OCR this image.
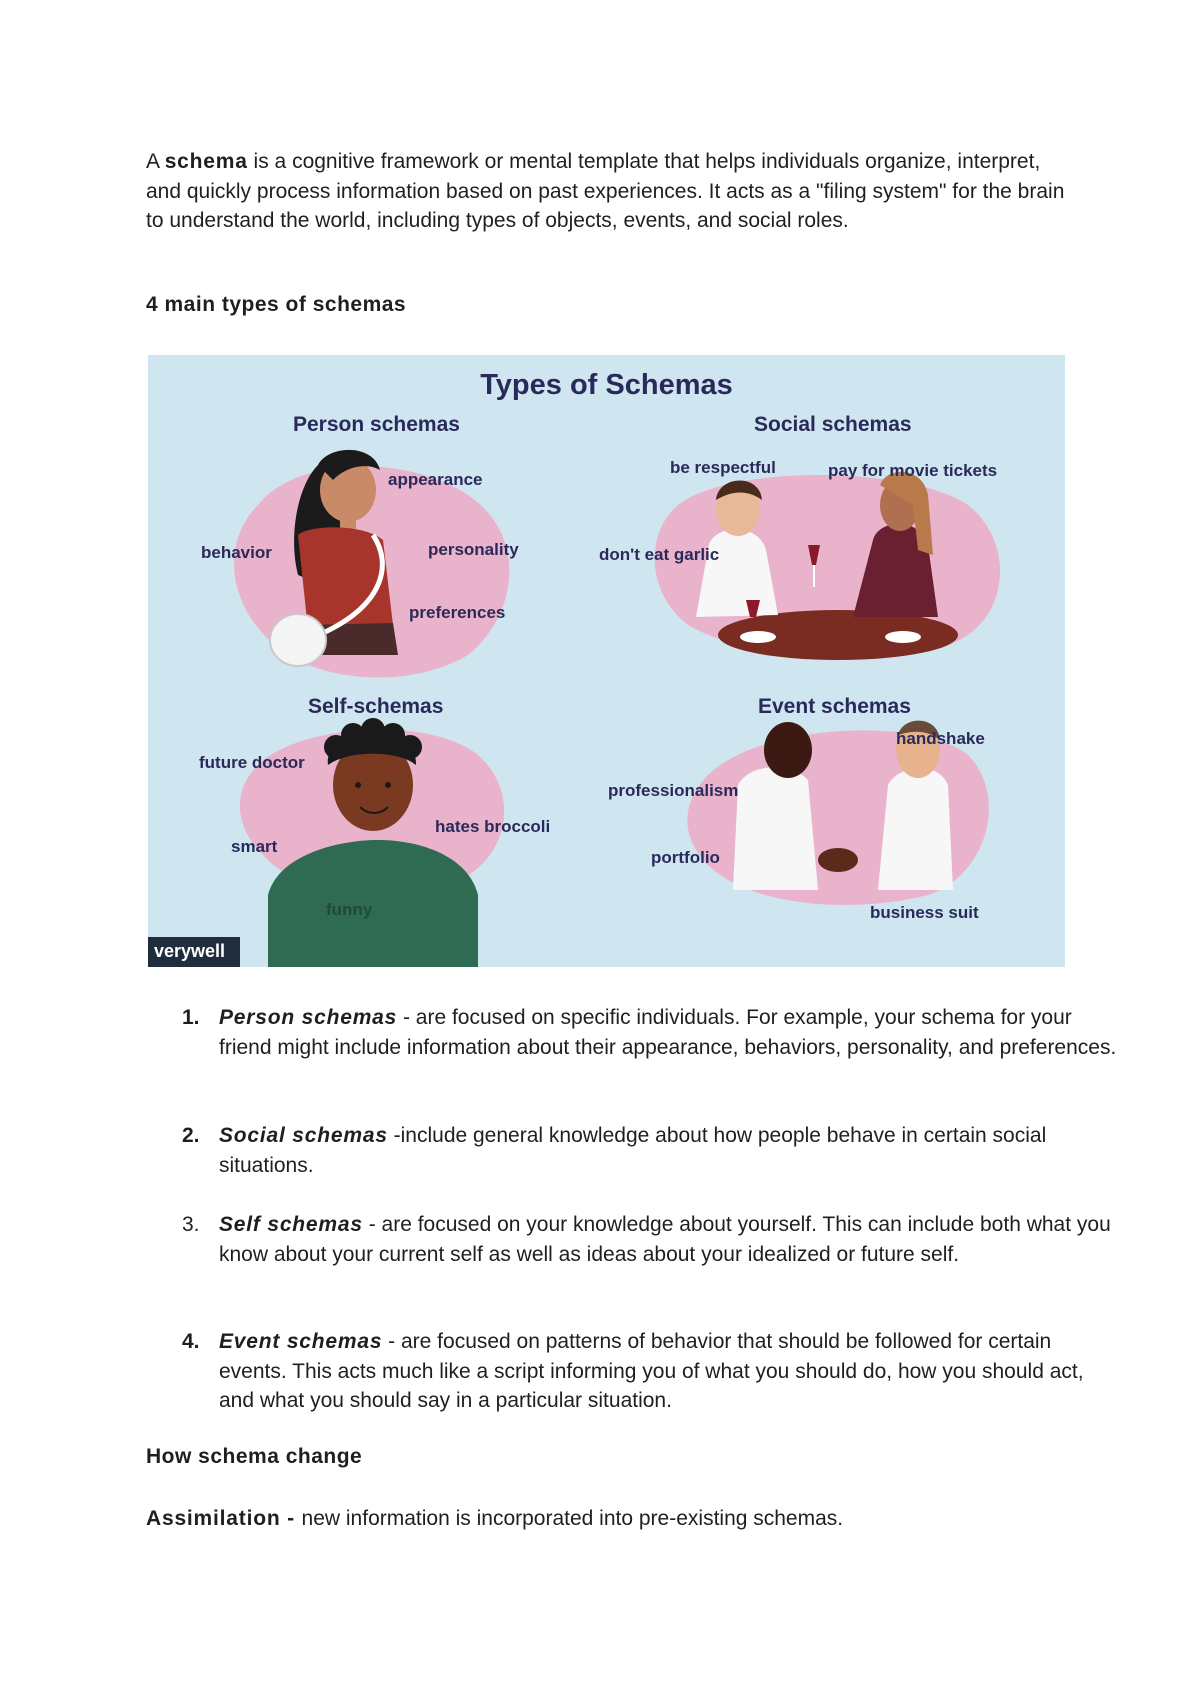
A schema is a cognitive framework or mental template that helps individuals organize, interpret, and quickly process information based on past experiences. It acts as a "filing system" for the brain to understand the world, including types of objects, events, and social roles.

4 main types of schemas

Types of Schemas
Person schemas
appearance
behavior	personality
preferences
Social schemas
be respectful	pay for movie tickets
don't eat garlic
Self-schemas
future doctor
hates broccoli
smart
funny
Event schemas
handshake
professionalism
portfolio
business suit
verywell
1. Person schemas - are focused on specific individuals. For example, your schema for your friend might include information about their appearance, behaviors, personality, and preferences.
2. Social schemas -include general knowledge about how people behave in certain social situations.
3. Self schemas - are focused on your knowledge about yourself. This can include both what you know about your current self as well as ideas about your idealized or future self.
4. Event schemas - are focused on patterns of behavior that should be followed for certain events. This acts much like a script informing you of what you should do, how you should act, and what you should say in a particular situation.

How schema change

Assimilation - new information is incorporated into pre-existing schemas.
